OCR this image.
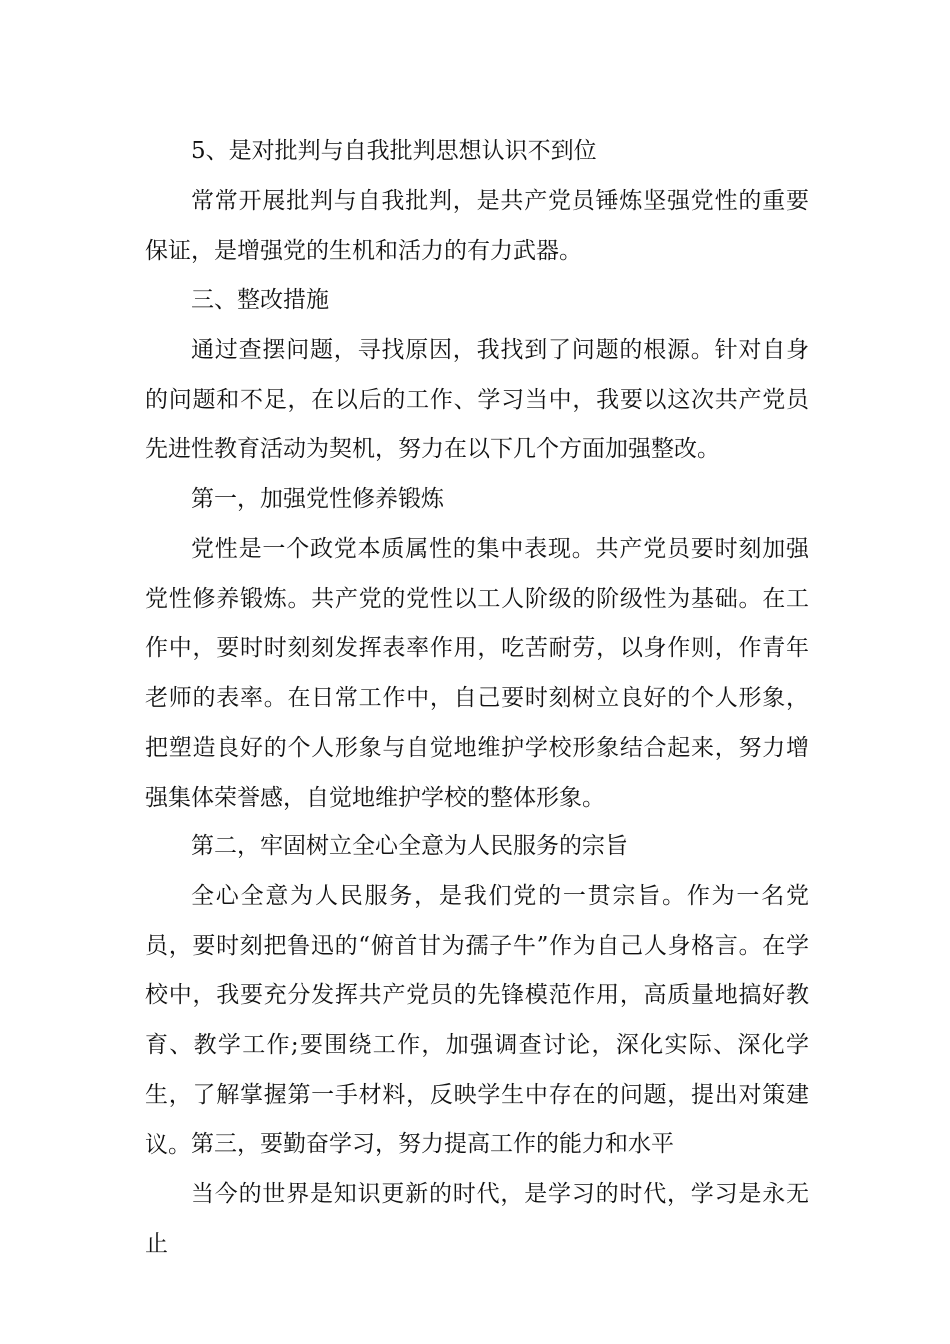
5、是对批判与自我批判思想认识不到位

常常开展批判与自我批判，是共产党员锤炼坚强党性的重要保证，是增强党的生机和活力的有力武器。

三、整改措施

通过查摆问题，寻找原因，我找到了问题的根源。针对自身的问题和不足，在以后的工作、学习当中，我要以这次共产党员先进性教育活动为契机，努力在以下几个方面加强整改。

第一，加强党性修养锻炼

党性是一个政党本质属性的集中表现。共产党员要时刻加强党性修养锻炼。共产党的党性以工人阶级的阶级性为基础。在工作中，要时时刻刻发挥表率作用，吃苦耐劳，以身作则，作青年老师的表率。在日常工作中，自己要时刻树立良好的个人形象，把塑造良好的个人形象与自觉地维护学校形象结合起来，努力增强集体荣誉感，自觉地维护学校的整体形象。

第二，牢固树立全心全意为人民服务的宗旨

全心全意为人民服务，是我们党的一贯宗旨。作为一名党员，要时刻把鲁迅的“俯首甘为孺子牛”作为自己人身格言。在学校中，我要充分发挥共产党员的先锋模范作用，高质量地搞好教育、教学工作;要围绕工作，加强调查讨论，深化实际、深化学生，了解掌握第一手材料，反映学生中存在的问题，提出对策建议。 第三，要勤奋学习，努力提高工作的能力和水平

当今的世界是知识更新的时代，是学习的时代，学习是永无止
